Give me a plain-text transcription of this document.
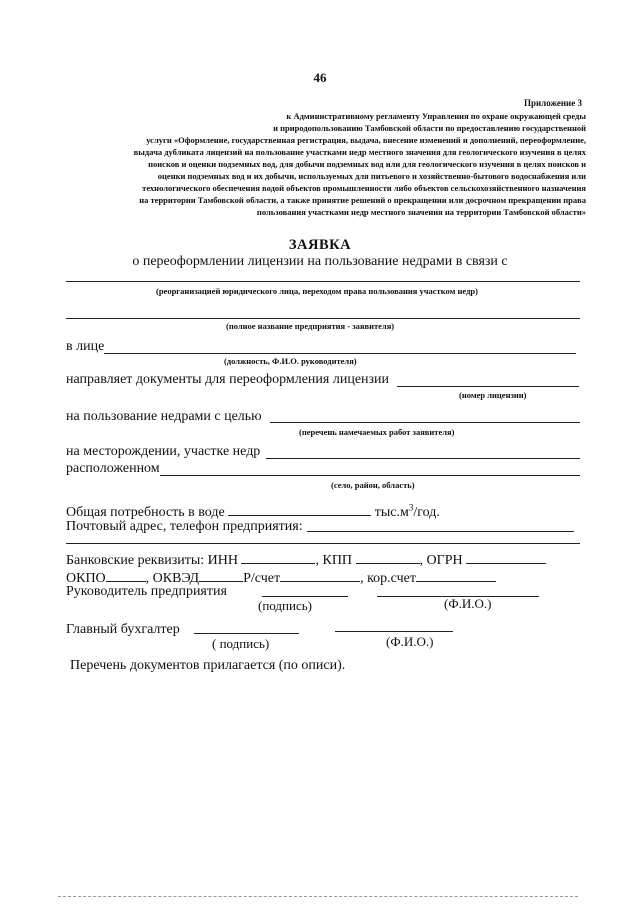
46
Приложение 3
к Административному регламенту Управления по охране окружающей среды
и природопользованию Тамбовской области по предоставлению государственной
услуги «Оформление, государственная регистрация, выдача, внесение изменений и дополнений, переоформление,
выдача дубликата лицензий на пользование участками недр местного значения для геологического изучения в целях
поисков и оценки подземных вод, для добычи подземных вод или для геологического изучения в целях поисков и
оценки подземных вод и их добычи, используемых для питьевого и хозяйственно-бытового водоснабжения или
технологического обеспечения водой объектов промышленности либо объектов сельскохозяйственного назначения
на территории Тамбовской области, а также принятие решений о прекращении или досрочном прекращении права
пользования участками недр местного значения на территории Тамбовской области»
ЗАЯВКА
о переоформлении лицензии на пользование недрами в связи с
(реорганизацией юридического лица, переходом права пользования участком недр)
(полное название предприятия - заявителя)
в лице
(должность, Ф.И.О. руководителя)
направляет документы для переоформления лицензии
(номер лицензии)
на пользование недрами с целью
(перечень намечаемых работ заявителя)
на месторождении, участке недр
расположенном
(село, район, область)
Общая потребность в воде	$тыс.м^3$/год.
Почтовый адрес, телефон предприятия:
Банковские реквизиты: ИНН	, КПП	, ОГРН
ОКПО	, ОКВЭД	Р/счет	, кор.счет
Руководитель предприятия
(подпись)	(Ф.И.О.)
Главный бухгалтер
( подпись)	(Ф.И.О.)
Перечень документов прилагается (по описи).
